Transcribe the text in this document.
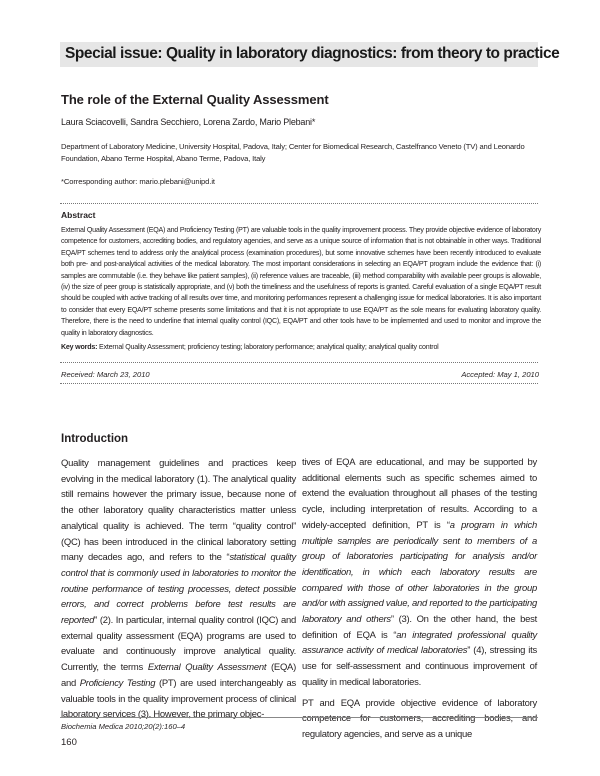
Special issue: Quality in laboratory diagnostics: from theory to practice
The role of the External Quality Assessment
Laura Sciacovelli, Sandra Secchiero, Lorena Zardo, Mario Plebani*
Department of Laboratory Medicine, University Hospital, Padova, Italy; Center for Biomedical Research, Castelfranco Veneto (TV) and Leonardo Foundation, Abano Terme Hospital, Abano Terme, Padova, Italy
*Corresponding author: mario.plebani@unipd.it
Abstract
External Quality Assessment (EQA) and Proficiency Testing (PT) are valuable tools in the quality improvement process. They provide objective evidence of laboratory competence for customers, accrediting bodies, and regulatory agencies, and serve as a unique source of information that is not obtainable in other ways. Traditional EQA/PT schemes tend to address only the analytical process (examination procedures), but some innovative schemes have been recently introduced to evaluate both pre- and post-analytical activities of the medical laboratory. The most important considerations in selecting an EQA/PT program include the evidence that: (i) samples are commutable (i.e. they behave like patient samples), (ii) reference values are traceable, (iii) method comparability with available peer groups is allowable, (iv) the size of peer group is statistically appropriate, and (v) both the timeliness and the usefulness of reports is granted. Careful evaluation of a single EQA/PT result should be coupled with active tracking of all results over time, and monitoring performances represent a challenging issue for medical laboratories. It is also important to consider that every EQA/PT scheme presents some limitations and that it is not appropriate to use EQA/PT as the sole means for evaluating laboratory quality. Therefore, there is the need to underline that internal quality control (IQC), EQA/PT and other tools have to be implemented and used to monitor and improve the quality in laboratory diagnostics.
Key words: External Quality Assessment; proficiency testing; laboratory performance; analytical quality; analytical quality control
Received: March 23, 2010	Accepted: May 1, 2010
Introduction

Quality management guidelines and practices keep evolving in the medical laboratory (1). The analytical quality still remains however the primary issue, because none of the other laboratory quality characteristics matter unless analytical quality is achieved. The term “quality control” (QC) has been introduced in the clinical laboratory setting many decades ago, and refers to the “statistical quality control that is commonly used in laboratories to monitor the routine performance of testing processes, detect possible errors, and correct problems before test results are reported” (2). In particular, internal quality control (IQC) and external quality assessment (EQA) programs are used to evaluate and continuously improve analytical quality. Currently, the terms External Quality Assessment (EQA) and Proficiency Testing (PT) are used interchangeably as valuable tools in the quality improvement process of clinical laboratory services (3). However, the primary objec-

tives of EQA are educational, and may be supported by additional elements such as specific schemes aimed to extend the evaluation throughout all phases of the testing cycle, including interpretation of results. According to a widely-accepted definition, PT is “a program in which multiple samples are periodically sent to members of a group of laboratories participating for analysis and/or identification, in which each laboratory results are compared with those of other laboratories in the group and/or with assigned value, and reported to the participating laboratory and others” (3). On the other hand, the best definition of EQA is “an integrated professional quality assurance activity of medical laboratories” (4), stressing its use for self-assessment and continuous improvement of quality in medical laboratories.

PT and EQA provide objective evidence of laboratory competence for customers, accrediting bodies, and regulatory agencies, and serve as a unique

Biochemia Medica 2010;20(2):160–4
160
